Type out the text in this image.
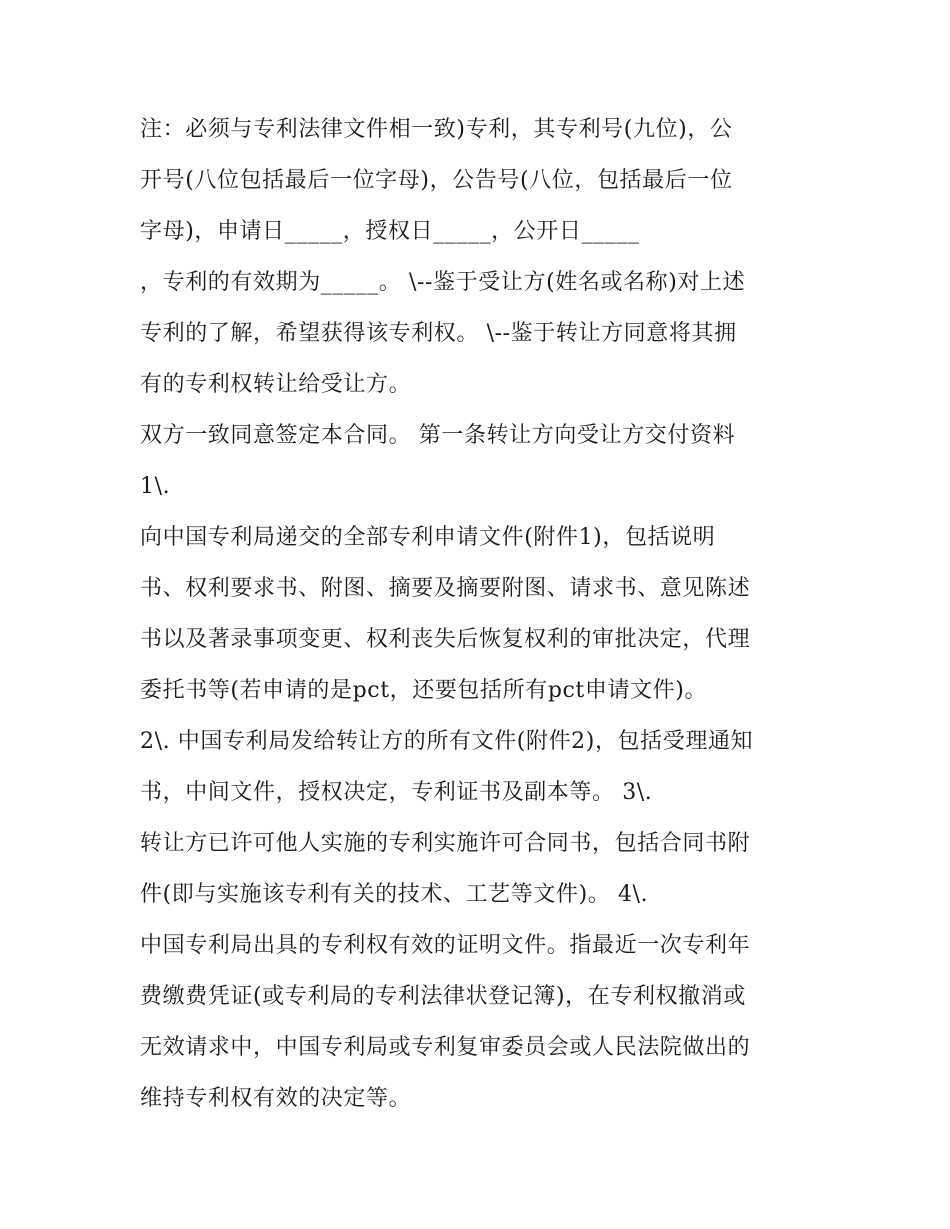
注：必须与专利法律文件相一致)专利，其专利号(九位)，公
开号(八位包括最后一位字母)，公告号(八位，包括最后一位
字母)，申请日_____，授权日_____，公开日_____
，专利的有效期为_____。 \--鉴于受让方(姓名或名称)对上述
专利的了解，希望获得该专利权。 \--鉴于转让方同意将其拥
有的专利权转让给受让方。
双方一致同意签定本合同。 第一条转让方向受让方交付资料
1\.
向中国专利局递交的全部专利申请文件(附件1)，包括说明
书、权利要求书、附图、摘要及摘要附图、请求书、意见陈述
书以及著录事项变更、权利丧失后恢复权利的审批决定，代理
委托书等(若申请的是pct，还要包括所有pct申请文件)。
2\. 中国专利局发给转让方的所有文件(附件2)，包括受理通知
书，中间文件，授权决定，专利证书及副本等。 3\.
转让方已许可他人实施的专利实施许可合同书，包括合同书附
件(即与实施该专利有关的技术、工艺等文件)。 4\.
中国专利局出具的专利权有效的证明文件。指最近一次专利年
费缴费凭证(或专利局的专利法律状登记簿)，在专利权撤消或
无效请求中，中国专利局或专利复审委员会或人民法院做出的
维持专利权有效的决定等。
